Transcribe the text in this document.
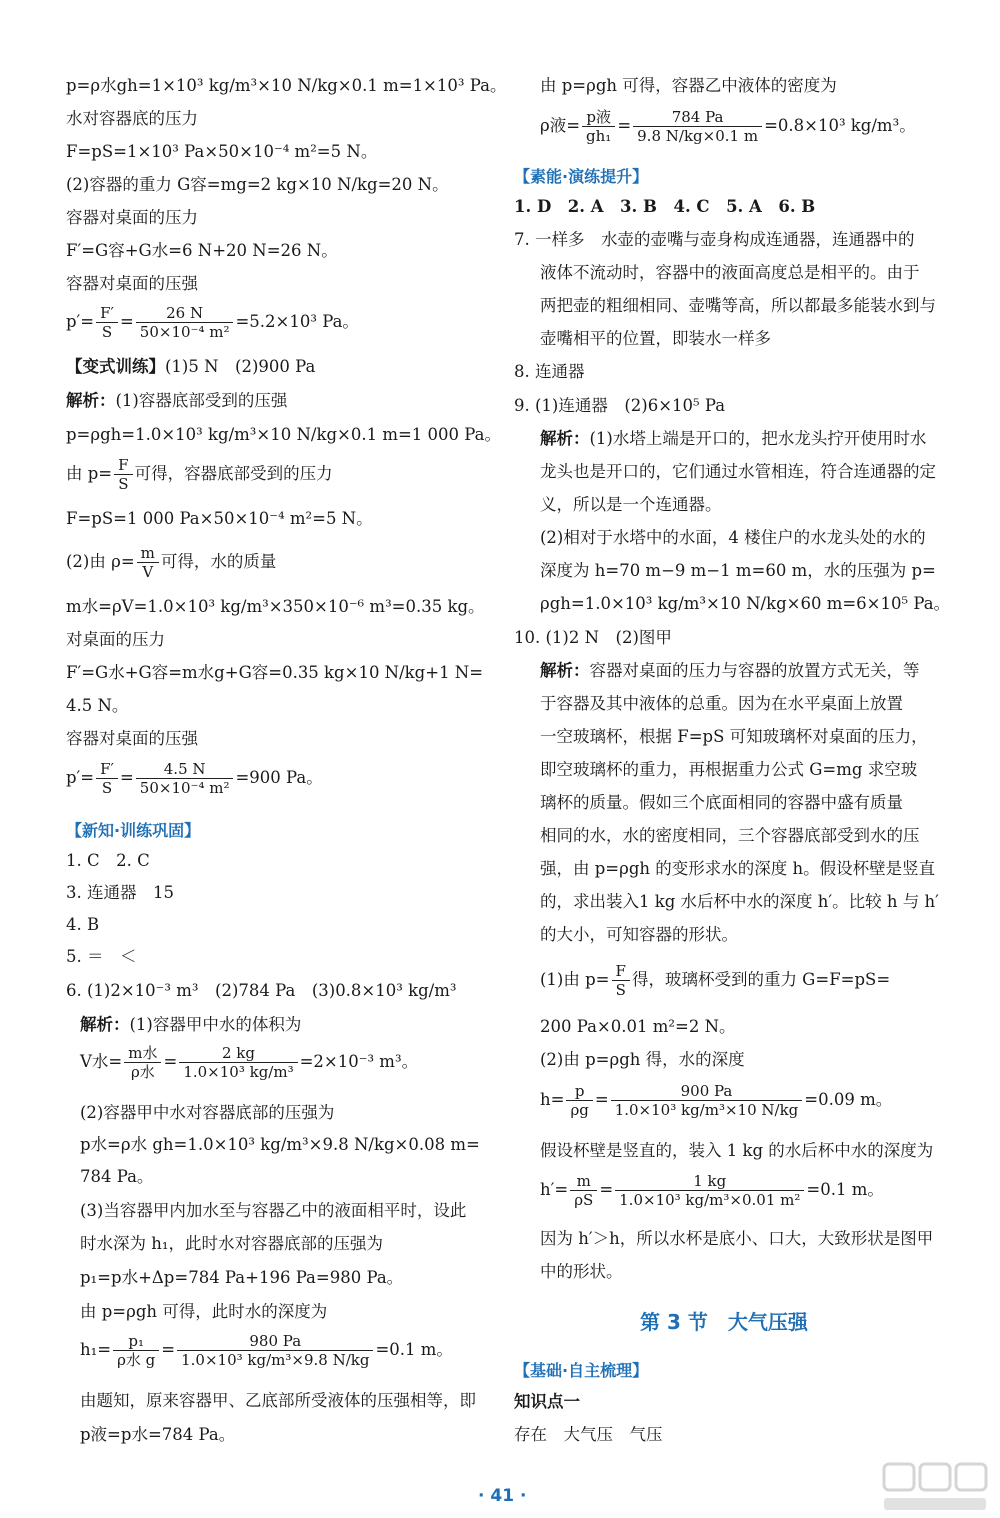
p=ρ水gh=1×10³ kg/m³×10 N/kg×0.1 m=1×10³ Pa。
水对容器底的压力
F=pS=1×10³ Pa×50×10⁻⁴ m²=5 N。
(2)容器的重力 G容=mg=2 kg×10 N/kg=20 N。
容器对桌面的压力
F′=G容+G水=6 N+20 N=26 N。
容器对桌面的压强
$p'= \frac{F'}{S} = \frac{26 N}{\text{50×10⁻⁴ m²}} =5.2\times 10^3$ Pa。
【变式训练】(1)5 N　(2)900 Pa
解析：(1)容器底部受到的压强
p=ρgh=1.0×10³ kg/m³×10 N/kg×0.1 m=1 000 Pa。
由 $p= \frac{F}{S}$ 可得，容器底部受到的压力
F=pS=1 000 Pa×50×10⁻⁴ m²=5 N。
(2)由 $\rho= \frac{m}{V}$ 可得，水的质量
m水=ρV=1.0×10³ kg/m³×350×10⁻⁶ m³=0.35 kg。
对桌面的压力
F′=G水+G容=m水g+G容=0.35 kg×10 N/kg+1 N=
4.5 N。
容器对桌面的压强
$p'= \frac{F'}{S} = \frac{4.5 N}{\text{50×10⁻⁴ m²}} =900$ Pa。
【新知·训练巩固】
1. C　2. C
3. 连通器　15
4. B
5. ＝　＜
6. (1)2×10⁻³ m³　(2)784 Pa　(3)0.8×10³ kg/m³
解析：(1)容器甲中水的体积为
V水= $\frac{\text{m水}}{\text{ρ水}} = \frac{2 kg}{\text{1.0×10³ kg/m³}} =2\times 10^{-3}$ m³。
(2)容器甲中水对容器底部的压强为
p水=ρ水 gh=1.0×10³ kg/m³×9.8 N/kg×0.08 m=
784 Pa。
(3)当容器甲内加水至与容器乙中的液面相平时，设此
时水深为 h₁，此时水对容器底部的压强为
p₁=p水+Δp=784 Pa+196 Pa=980 Pa。
由 p=ρgh 可得，此时水的深度为
$h_1= \frac{\text{p₁}}{\text{ρ水 g}} = \frac{980 Pa}{\text{1.0×10³ kg/m³×9.8 N/kg}} =0.1$ m。
由题知，原来容器甲、乙底部所受液体的压强相等，即
p液=p水=784 Pa。
由 p=ρgh 可得，容器乙中液体的密度为
ρ液= $\frac{\text{p液}}{\text{gh₁}} = \frac{784 Pa}{9.8 N/kg\times 0.1 m} =0.8\times 10^3$ kg/m³。
【素能·演练提升】
1. D　2. A　3. B　4. C　5. A　6. B
7. 一样多　水壶的壶嘴与壶身构成连通器，连通器中的
液体不流动时，容器中的液面高度总是相平的。由于
两把壶的粗细相同、壶嘴等高，所以都最多能装水到与
壶嘴相平的位置，即装水一样多
8. 连通器
9. (1)连通器　(2)6×10⁵ Pa
解析：(1)水塔上端是开口的，把水龙头拧开使用时水
龙头也是开口的，它们通过水管相连，符合连通器的定
义，所以是一个连通器。
(2)相对于水塔中的水面，4 楼住户的水龙头处的水的
深度为 h=70 m−9 m−1 m=60 m，水的压强为 p=
ρgh=1.0×10³ kg/m³×10 N/kg×60 m=6×10⁵ Pa。
10. (1)2 N　(2)图甲
解析：容器对桌面的压力与容器的放置方式无关，等
于容器及其中液体的总重。因为在水平桌面上放置
一空玻璃杯，根据 F=pS 可知玻璃杯对桌面的压力，
即空玻璃杯的重力，再根据重力公式 G=mg 求空玻
璃杯的质量。假如三个底面相同的容器中盛有质量
相同的水，水的密度相同，三个容器底部受到水的压
强，由 p=ρgh 的变形求水的深度 h。假设杯壁是竖直
的，求出装入1 kg 水后杯中水的深度 h′。比较 h 与 h′
的大小，可知容器的形状。
(1)由 $p= \frac{F}{S}$ 得，玻璃杯受到的重力 G=F=pS=
200 Pa×0.01 m²=2 N。
(2)由 p=ρgh 得，水的深度
$h= \frac{p}{\rho g} = \frac{900 Pa}{\text{1.0×10³ kg/m³×10 N/kg}} =0.09$ m。
假设杯壁是竖直的，装入 1 kg 的水后杯中水的深度为
$h'= \frac{m}{\rho S} = \frac{1 kg}{\text{1.0×10³ kg/m³×0.01 m²}} =0.1$ m。
因为 h′＞h，所以水杯是底小、口大，大致形状是图甲
中的形状。
【基础·自主梳理】
知识点一
存在　大气压　气压
第 3 节　大气压强
· 41 ·
